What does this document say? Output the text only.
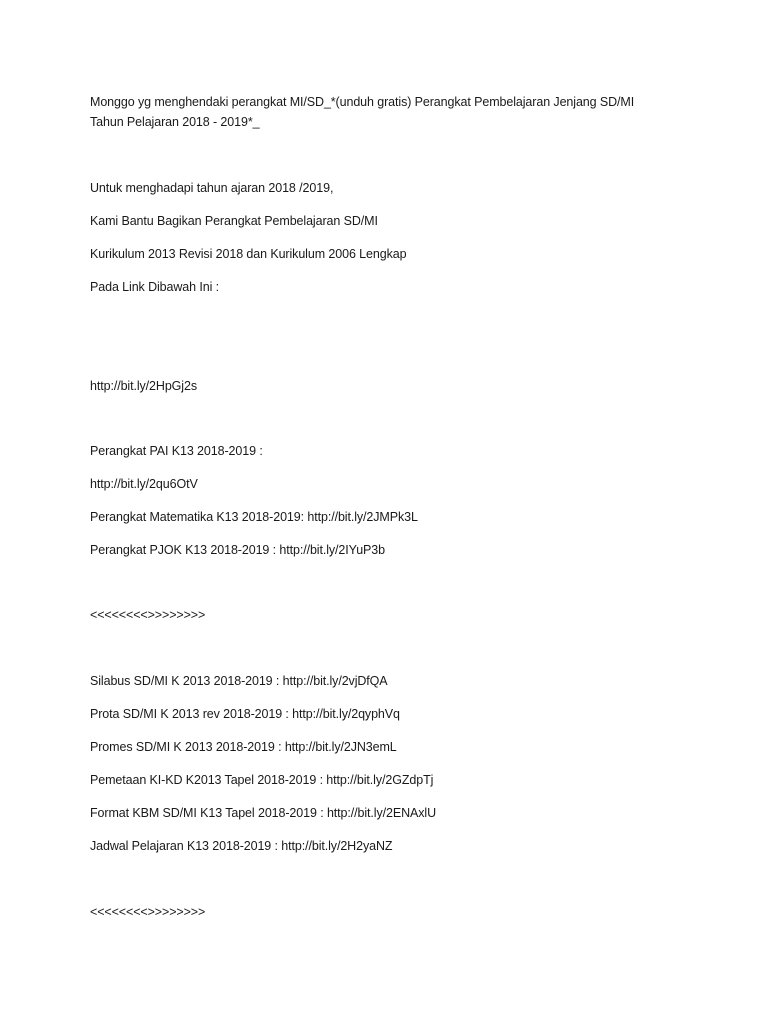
Monggo yg menghendaki perangkat MI/SD_*(unduh gratis) Perangkat Pembelajaran Jenjang SD/MI

Tahun Pelajaran 2018 - 2019*_

Untuk menghadapi tahun ajaran 2018 /2019,

Kami Bantu Bagikan Perangkat Pembelajaran SD/MI

Kurikulum 2013 Revisi 2018 dan Kurikulum 2006 Lengkap

Pada Link Dibawah Ini :

http://bit.ly/2HpGj2s

Perangkat PAI K13 2018-2019 :

http://bit.ly/2qu6OtV

Perangkat Matematika K13 2018-2019: http://bit.ly/2JMPk3L

Perangkat PJOK K13 2018-2019 : http://bit.ly/2IYuP3b

<<<<<<<<>>>>>>>>

Silabus SD/MI K 2013 2018-2019 : http://bit.ly/2vjDfQA

Prota SD/MI K 2013 rev 2018-2019 : http://bit.ly/2qyphVq

Promes SD/MI K 2013 2018-2019 : http://bit.ly/2JN3emL

Pemetaan KI-KD K2013 Tapel 2018-2019 : http://bit.ly/2GZdpTj

Format KBM SD/MI K13 Tapel 2018-2019 : http://bit.ly/2ENAxlU

Jadwal Pelajaran K13 2018-2019 : http://bit.ly/2H2yaNZ

<<<<<<<<>>>>>>>>
